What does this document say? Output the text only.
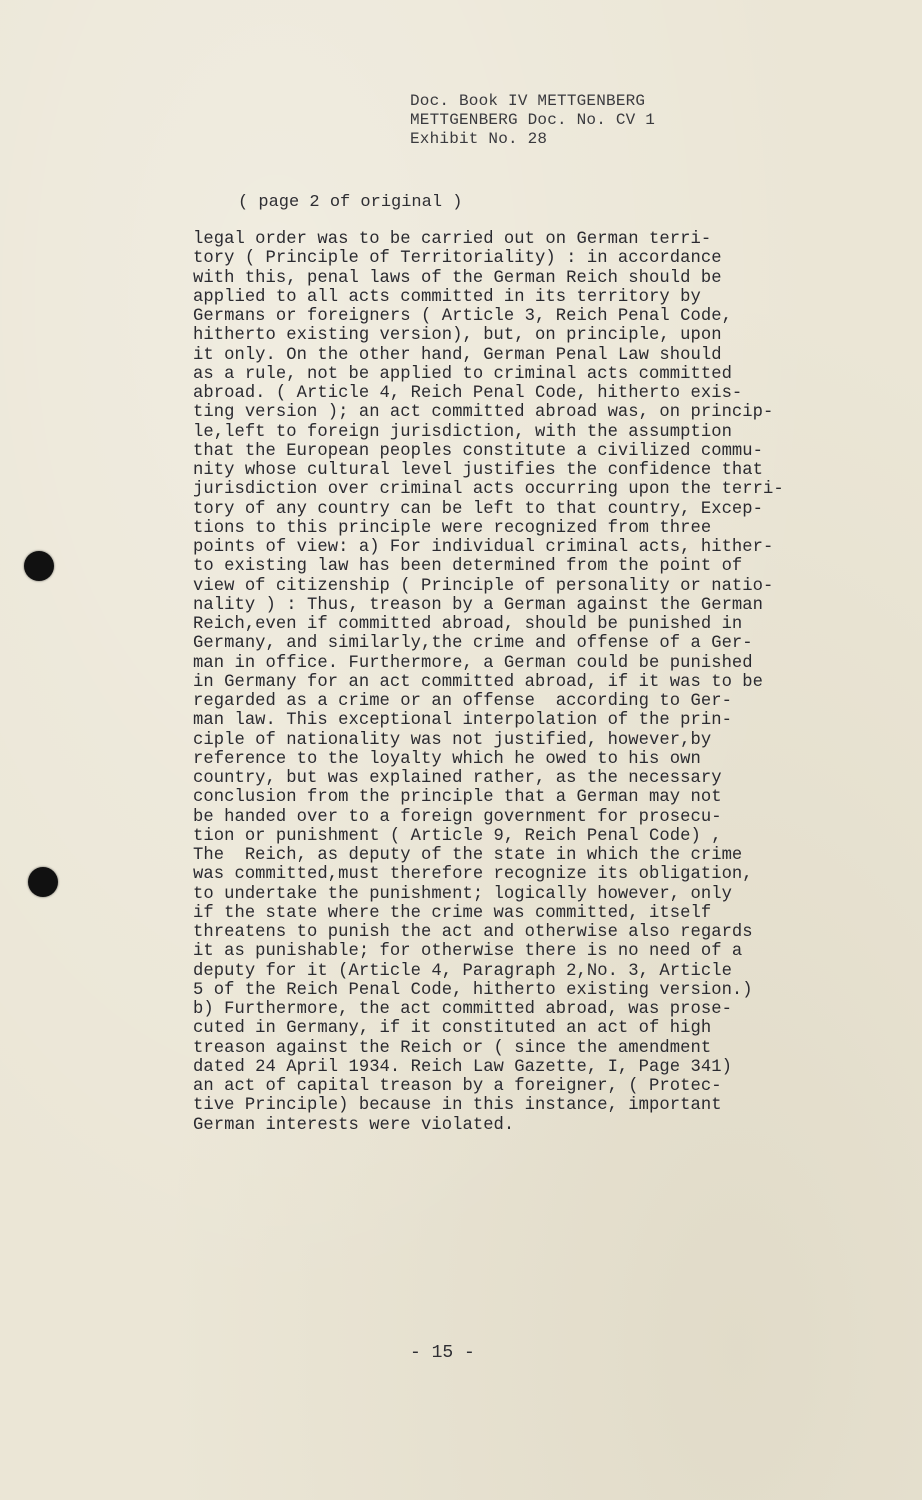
Doc. Book IV METTGENBERG
METTGENBERG Doc. No. CV 1
Exhibit No. 28
( page 2 of original )
legal order was to be carried out on German terri-
tory ( Principle of Territoriality) : in accordance
with this, penal laws of the German Reich should be
applied to all acts committed in its territory by
Germans or foreigners ( Article 3, Reich Penal Code,
hitherto existing version), but, on principle, upon
it only. On the other hand, German Penal Law should
as a rule, not be applied to criminal acts committed
abroad. ( Article 4, Reich Penal Code, hitherto exis-
ting version ); an act committed abroad was, on princip-
le,left to foreign jurisdiction, with the assumption
that the European peoples constitute a civilized commu-
nity whose cultural level justifies the confidence that
jurisdiction over criminal acts occurring upon the terri-
tory of any country can be left to that country, Excep-
tions to this principle were recognized from three
points of view: a) For individual criminal acts, hither-
to existing law has been determined from the point of
view of citizenship ( Principle of personality or natio-
nality ) : Thus, treason by a German against the German
Reich,even if committed abroad, should be punished in
Germany, and similarly,the crime and offense of a Ger-
man in office. Furthermore, a German could be punished
in Germany for an act committed abroad, if it was to be
regarded as a crime or an offense  according to Ger-
man law. This exceptional interpolation of the prin-
ciple of nationality was not justified, however,by
reference to the loyalty which he owed to his own
country, but was explained rather, as the necessary
conclusion from the principle that a German may not
be handed over to a foreign government for prosecu-
tion or punishment ( Article 9, Reich Penal Code) ,
The  Reich, as deputy of the state in which the crime
was committed,must therefore recognize its obligation,
to undertake the punishment; logically however, only
if the state where the crime was committed, itself
threatens to punish the act and otherwise also regards
it as punishable; for otherwise there is no need of a
deputy for it (Article 4, Paragraph 2,No. 3, Article
5 of the Reich Penal Code, hitherto existing version.)
b) Furthermore, the act committed abroad, was prose-
cuted in Germany, if it constituted an act of high
treason against the Reich or ( since the amendment
dated 24 April 1934. Reich Law Gazette, I, Page 341)
an act of capital treason by a foreigner, ( Protec-
tive Principle) because in this instance, important
German interests were violated.
- 15 -
